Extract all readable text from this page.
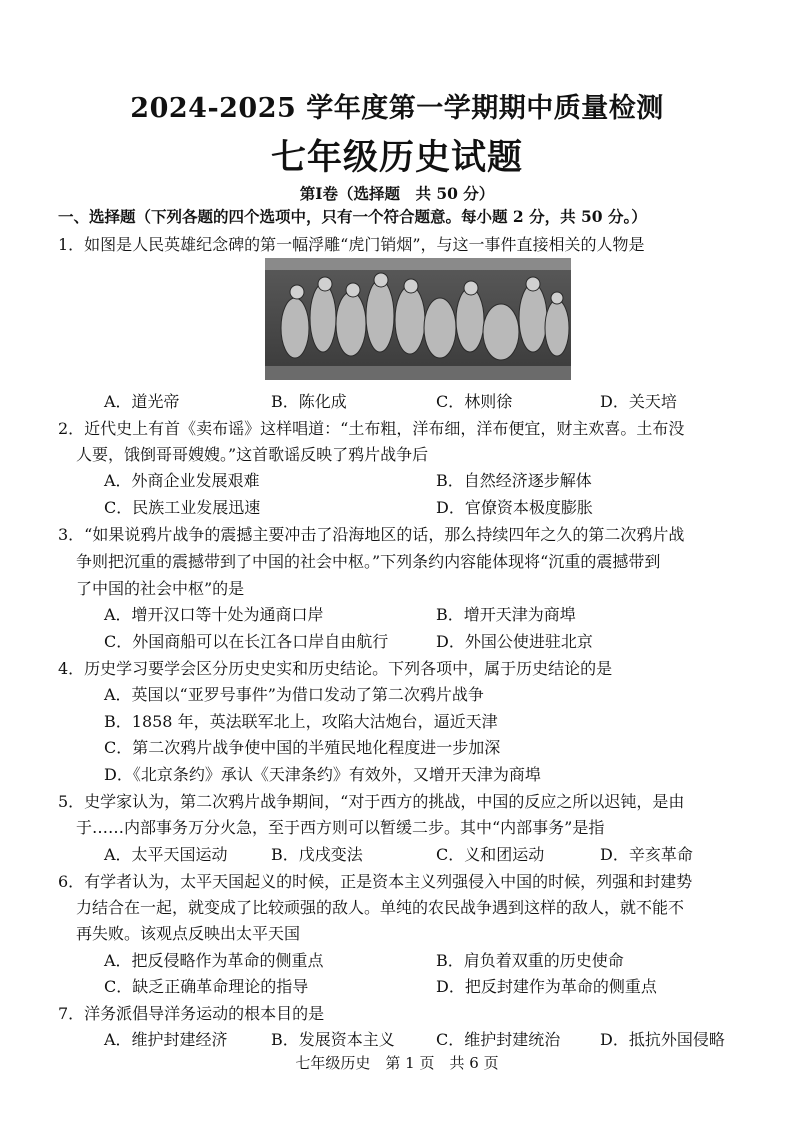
2024-2025 学年度第一学期期中质量检测
七年级历史试题
第Ⅰ卷（选择题　共 50 分）
一、选择题（下列各题的四个选项中，只有一个符合题意。每小题 2 分，共 50 分。）
1．如图是人民英雄纪念碑的第一幅浮雕“虎门销烟”，与这一事件直接相关的人物是
A．道光帝	B．陈化成	C．林则徐	D．关天培
2．近代史上有首《卖布谣》这样唱道：“土布粗，洋布细，洋布便宜，财主欢喜。土布没
人要，饿倒哥哥嫂嫂。”这首歌谣反映了鸦片战争后
A．外商企业发展艰难	B．自然经济逐步解体
C．民族工业发展迅速	D．官僚资本极度膨胀
3．“如果说鸦片战争的震撼主要冲击了沿海地区的话，那么持续四年之久的第二次鸦片战
争则把沉重的震撼带到了中国的社会中枢。”下列条约内容能体现将“沉重的震撼带到
了中国的社会中枢”的是
A．增开汉口等十处为通商口岸	B．增开天津为商埠
C．外国商船可以在长江各口岸自由航行	D．外国公使进驻北京
4．历史学习要学会区分历史史实和历史结论。下列各项中，属于历史结论的是
A．英国以“亚罗号事件”为借口发动了第二次鸦片战争
B．1858 年，英法联军北上，攻陷大沽炮台，逼近天津
C．第二次鸦片战争使中国的半殖民地化程度进一步加深
D．《北京条约》承认《天津条约》有效外，又增开天津为商埠
5．史学家认为，第二次鸦片战争期间，“对于西方的挑战，中国的反应之所以迟钝，是由
于……内部事务万分火急，至于西方则可以暂缓二步。其中“内部事务”是指
A．太平天国运动	B．戊戌变法	C．义和团运动	D．辛亥革命
6．有学者认为，太平天国起义的时候，正是资本主义列强侵入中国的时候，列强和封建势
力结合在一起，就变成了比较顽强的敌人。单纯的农民战争遇到这样的敌人，就不能不
再失败。该观点反映出太平天国
A．把反侵略作为革命的侧重点	B．肩负着双重的历史使命
C．缺乏正确革命理论的指导	D．把反封建作为革命的侧重点
7．洋务派倡导洋务运动的根本目的是
A．维护封建经济	B．发展资本主义	C．维护封建统治 D．抵抗外国侵略
七年级历史　第 1 页　共 6 页
